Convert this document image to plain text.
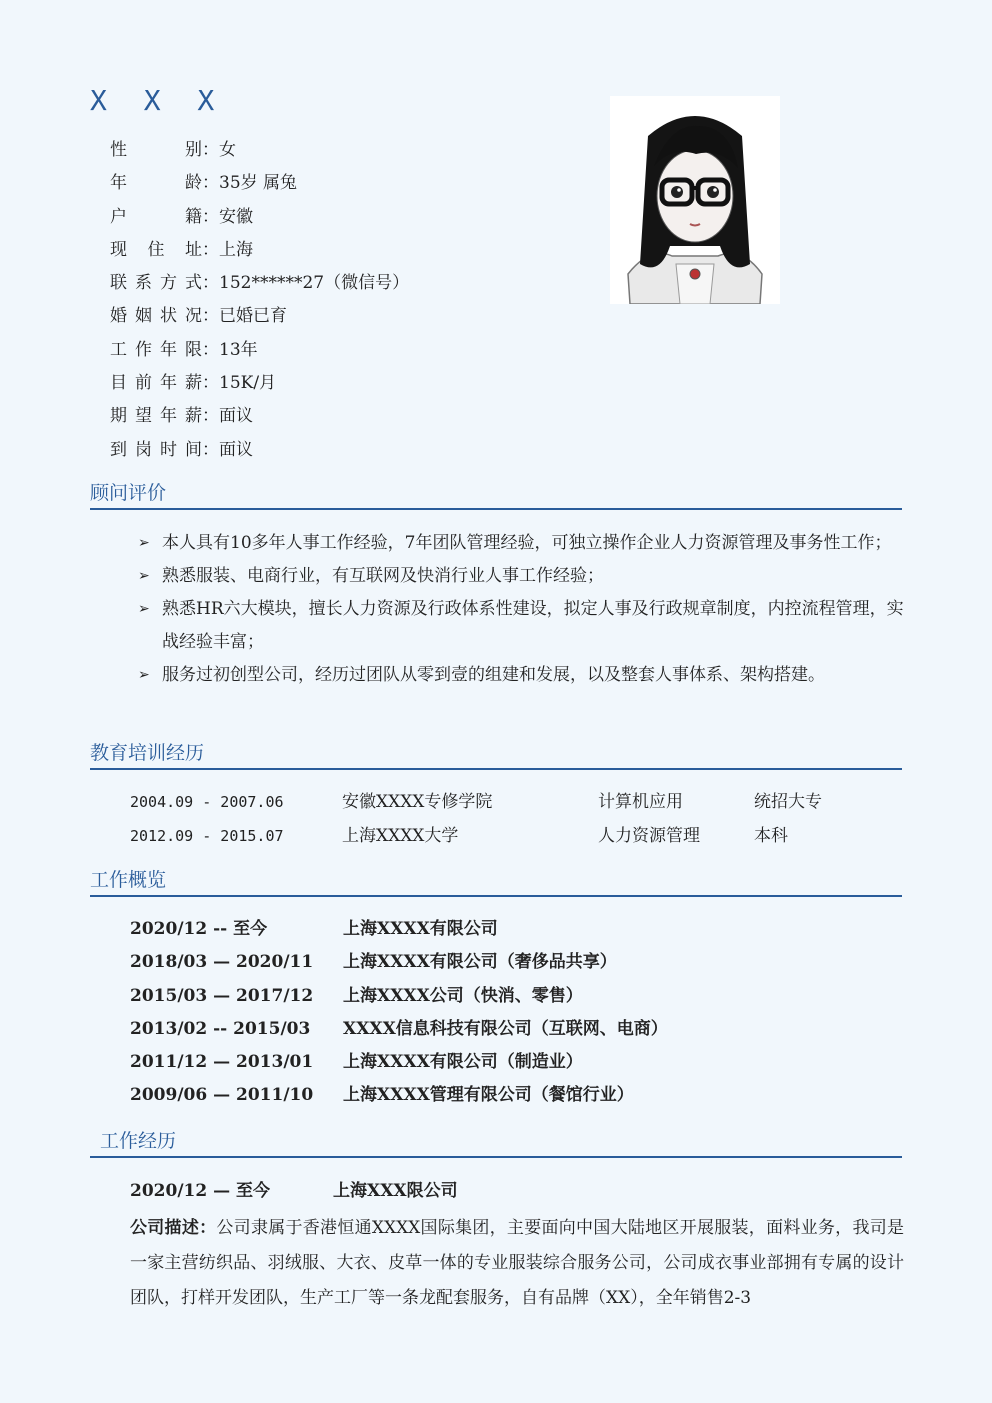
X X X
性 别：女
年 龄：35岁 属兔
户 籍：安徽
现 住 址：上海
联系方式：152******27（微信号）
婚姻状况：已婚已育
工作年限：13年
目前年薪：15K/月
期望年薪：面议
到岗时间：面议
顾问评价
➢ 本人具有10多年人事工作经验，7年团队管理经验，可独立操作企业人力资源管理及事务性工作；
➢ 熟悉服装、电商行业，有互联网及快消行业人事工作经验；
➢ 熟悉HR六大模块，擅长人力资源及行政体系性建设，拟定人事及行政规章制度，内控流程管理，实战经验丰富；
➢ 服务过初创型公司，经历过团队从零到壹的组建和发展，以及整套人事体系、架构搭建。
教育培训经历
2004.09 - 2007.06	安徽XXXX专修学院	计算机应用	统招大专
2012.09 - 2015.07	上海XXXX大学	人力资源管理	本科
工作概览
2020/12 -- 至今	上海XXXX有限公司
2018/03 — 2020/11 上海XXXX有限公司（奢侈品共享）
2015/03 — 2017/12 上海XXXX公司（快消、零售）
2013/02 -- 2015/03 XXXX信息科技有限公司（互联网、电商）
2011/12 — 2013/01 上海XXXX有限公司（制造业）
2009/06 — 2011/10 上海XXXX管理有限公司（餐馆行业）
工作经历
2020/12 — 至今	上海XXX限公司

公司描述：公司隶属于香港恒通XXXX国际集团，主要面向中国大陆地区开展服装，面料业务，我司是一家主营纺织品、羽绒服、大衣、皮草一体的专业服装综合服务公司，公司成衣事业部拥有专属的设计团队，打样开发团队，生产工厂等一条龙配套服务，自有品牌（XX），全年销售2-3
